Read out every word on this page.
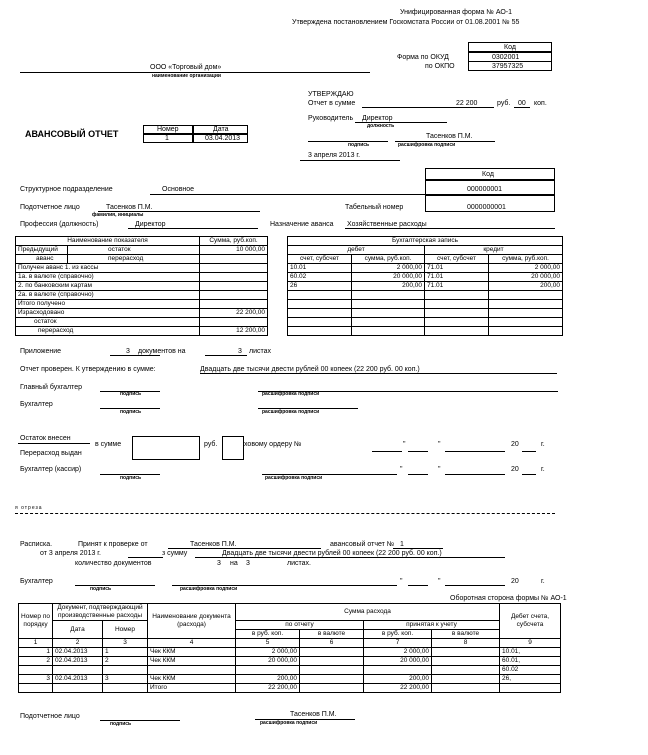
Унифицированная форма № АО-1
Утверждена постановлением Госкомстата России от 01.08.2001 № 55
Код
Форма по ОКУД	0302001
по ОКПО	37957325
ООО «Торговый дом»
наименование организации
УТВЕРЖДАЮ
Отчет в сумме	22 200	руб. 00 коп.
Руководитель Директор
должность
подпись
Тасенков П.М.
расшифровка подписи
3 апреля 2013 г.
АВАНСОВЫЙ ОТЧЕТ	Номер	Дата
1	03.04.2013
Код
Структурное подразделение	Основное	000000001
Подотчетное лицо	Тасенков П.М.
фамилия, инициалы
Табельный номер	0000000001
Профессия (должность)	Директор	Назначение аванса Хозяйственные расходы
Наименование показателя		Сумма, руб.коп.
Предыдущий	остаток	10 000,00
аванс	перерасход	
Получен аванс 1. из кассы		
1а. в валюте (справочно)		
2. по банковским картам		
2а. в валюте (справочно)		
Итого получено		
Израсходовано		22 200,00
остаток		
перерасход		12 200,00
Бухгалтерская запись			
дебет		кредит	
счет, субсчет	сумма, руб.коп.	счет, субсчет	сумма, руб.коп.
10.01	2 000,00	71.01	2 000,00
60.02	20 000,00	71.01	20 000,00
26	200,00	71.01	200,00

Приложение	3 документов на	3 листах
Отчет проверен. К утверждению в сумме:	Двадцать две тысячи двести рублей 00 копеек (22 200 руб. 00 коп.)
Главный бухгалтер
подпись	расшифровка подписи
Бухгалтер
подпись	расшифровка подписи
Остаток внесен
в сумме	руб.	ховому ордеру №	"	"	20	г.
Перерасход выдан
Бухгалтер (кассир)	"	"	20	г.
подпись	расшифровка подписи
я отреза
Расписка.	Принят к проверке от	Тасенков П.М.	авансовый отчет № 1
от 3 апреля 2013 г.	з сумму	Двадцать две тысячи двести рублей 00 копеек (22 200 руб. 00 коп.)
количество документов	3 на 3	листах.
Бухгалтер	"	"	20	г.
подпись	расшифровка подписи
Оборотная сторона формы № АО-1
Номер по порядку	Документ, подтверждающий производственные расходы		Наименование документа (расхода)	Сумма расхода				Дебет счета, субсчета
	Дата	Номер		по отчету		принятая к учету		
				в руб. коп.	в валюте	в руб. коп.	в валюте	
1	2	3	4	5	6	7	8	9
1	02.04.2013	1	Чек ККМ	2 000,00		2 000,00		10.01,
2	02.04.2013	2	Чек ККМ	20 000,00		20 000,00		60.01,
								60.02
3	02.04.2013	3	Чек ККМ	200,00		200,00		26,
			Итого	22 200,00		22 200,00		
Подотчетное лицо	Тасенков П.М.
подпись	расшифровка подписи
